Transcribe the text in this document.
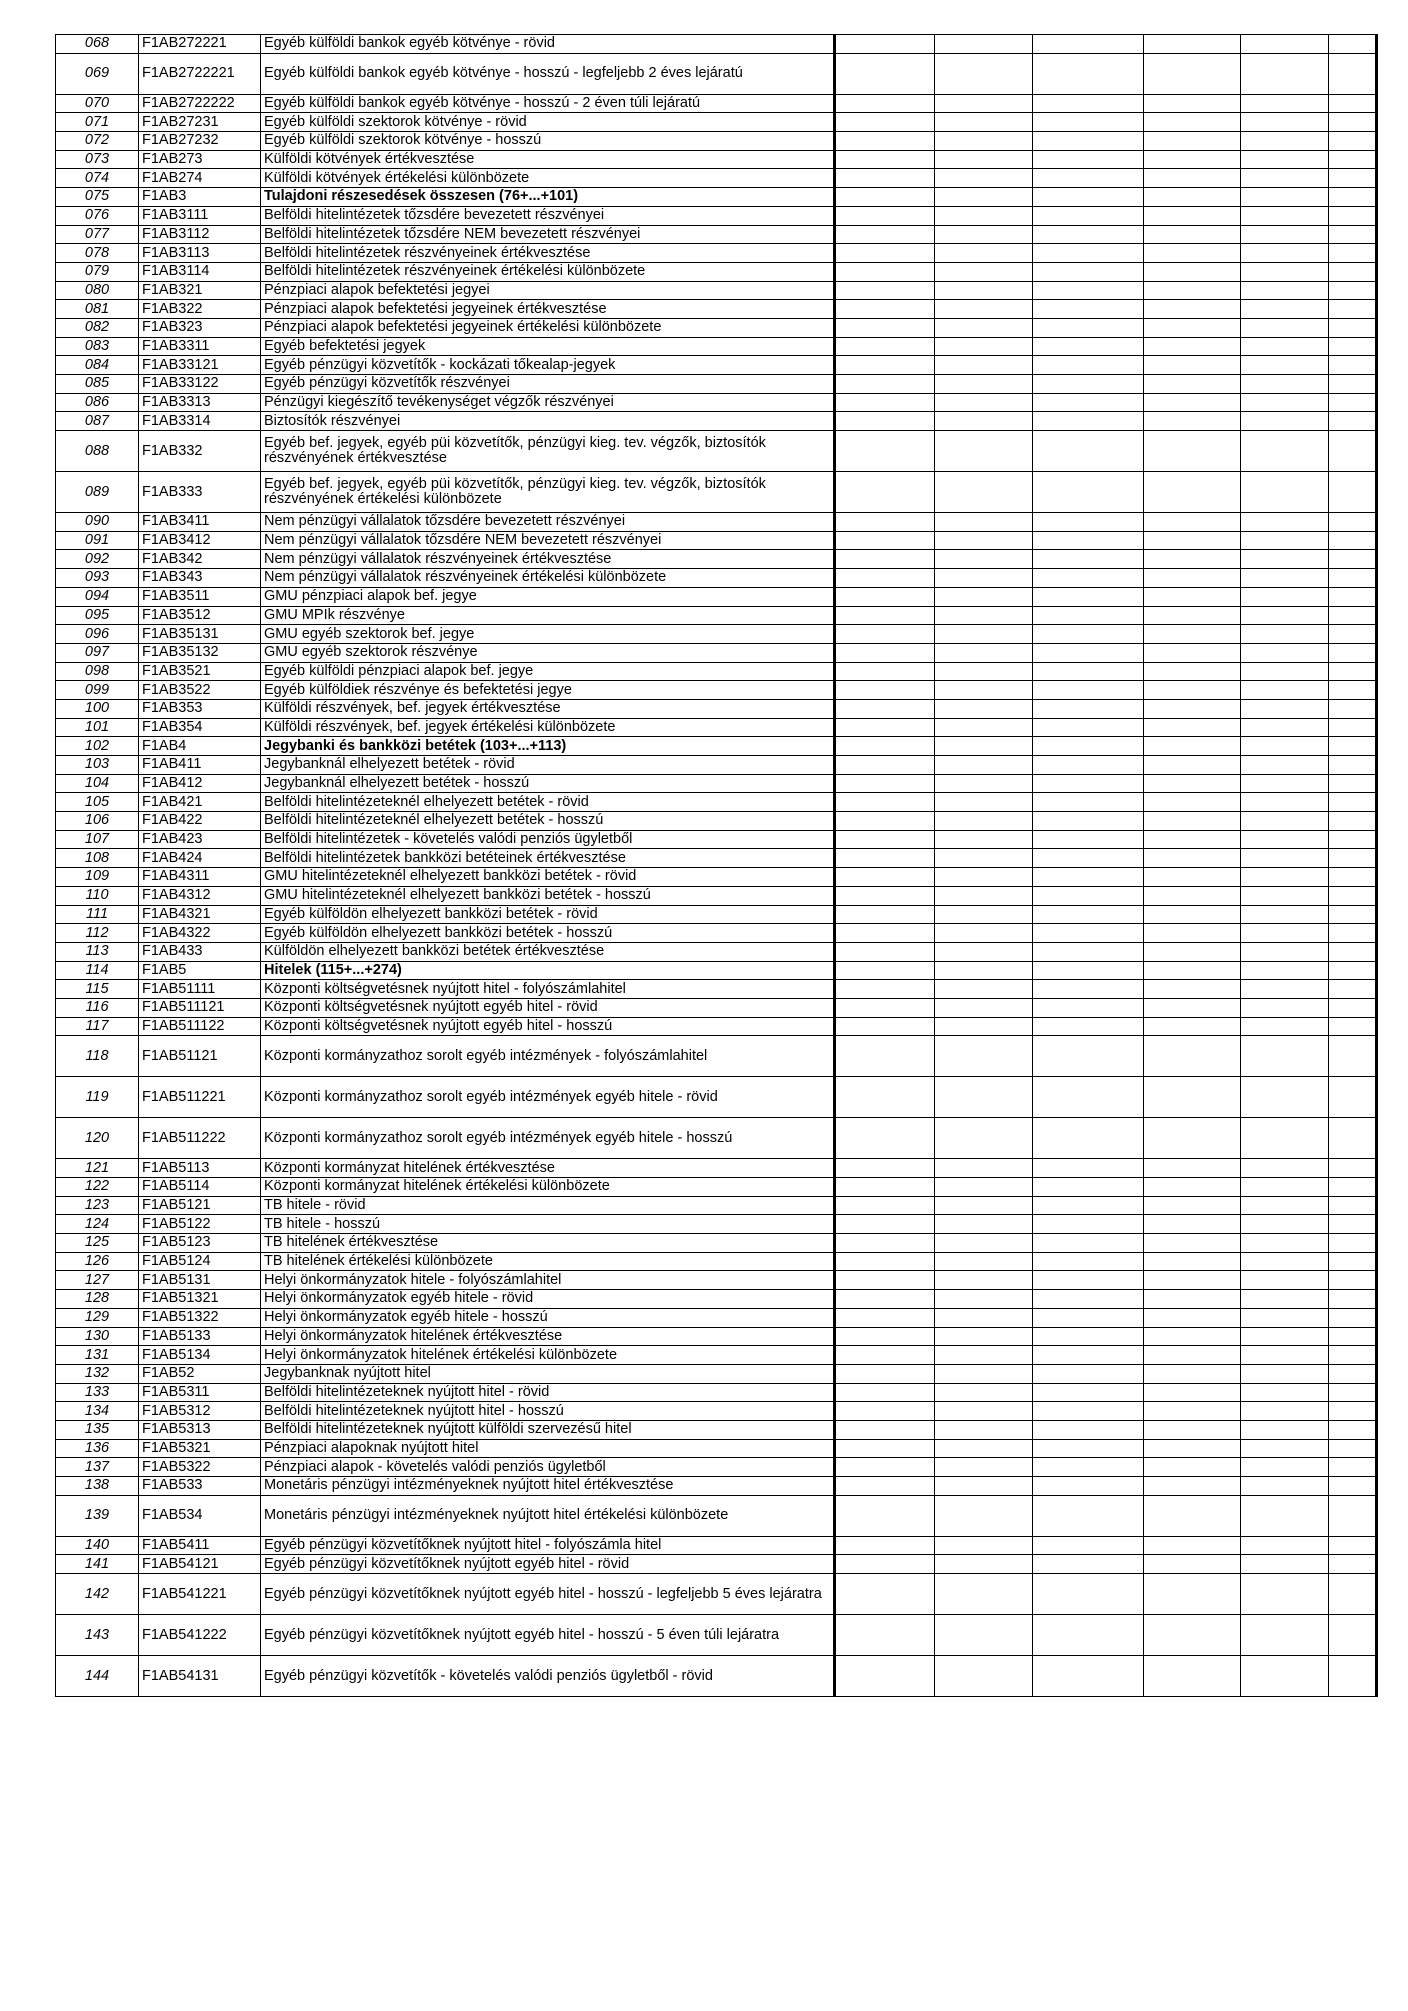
068	F1AB272221	Egyéb külföldi bankok egyéb kötvénye - rövid						
069	F1AB2722221	Egyéb külföldi bankok egyéb kötvénye - hosszú - legfeljebb 2 éves lejáratú						
070	F1AB2722222	Egyéb külföldi bankok egyéb kötvénye - hosszú - 2 éven túli lejáratú						
071	F1AB27231	Egyéb külföldi szektorok kötvénye - rövid						
072	F1AB27232	Egyéb külföldi szektorok kötvénye - hosszú						
073	F1AB273	Külföldi kötvények értékvesztése						
074	F1AB274	Külföldi kötvények értékelési különbözete						
075	F1AB3	Tulajdoni részesedések összesen (76+...+101)						
076	F1AB3111	Belföldi hitelintézetek tőzsdére bevezetett részvényei						
077	F1AB3112	Belföldi hitelintézetek tőzsdére NEM bevezetett részvényei						
078	F1AB3113	Belföldi hitelintézetek részvényeinek értékvesztése						
079	F1AB3114	Belföldi hitelintézetek részvényeinek értékelési különbözete						
080	F1AB321	Pénzpiaci alapok befektetési jegyei						
081	F1AB322	Pénzpiaci alapok befektetési jegyeinek értékvesztése						
082	F1AB323	Pénzpiaci alapok befektetési jegyeinek értékelési különbözete						
083	F1AB3311	Egyéb befektetési jegyek						
084	F1AB33121	Egyéb pénzügyi közvetítők - kockázati tőkealap-jegyek						
085	F1AB33122	Egyéb pénzügyi közvetítők részvényei						
086	F1AB3313	Pénzügyi kiegészítő tevékenységet végzők részvényei						
087	F1AB3314	Biztosítók részvényei						
088	F1AB332	Egyéb bef. jegyek, egyéb püi közvetítők, pénzügyi kieg. tev. végzők, biztosítók részvényének értékvesztése						
089	F1AB333	Egyéb bef. jegyek, egyéb püi közvetítők, pénzügyi kieg. tev. végzők, biztosítók részvényének értékelési különbözete						
090	F1AB3411	Nem pénzügyi vállalatok tőzsdére bevezetett részvényei						
091	F1AB3412	Nem pénzügyi vállalatok tőzsdére NEM bevezetett részvényei						
092	F1AB342	Nem pénzügyi vállalatok részvényeinek értékvesztése						
093	F1AB343	Nem pénzügyi vállalatok részvényeinek értékelési különbözete						
094	F1AB3511	GMU pénzpiaci alapok bef. jegye						
095	F1AB3512	GMU MPIk részvénye						
096	F1AB35131	GMU egyéb szektorok bef. jegye						
097	F1AB35132	GMU egyéb szektorok részvénye						
098	F1AB3521	Egyéb külföldi pénzpiaci alapok bef. jegye						
099	F1AB3522	Egyéb külföldiek részvénye és befektetési jegye						
100	F1AB353	Külföldi részvények, bef. jegyek értékvesztése						
101	F1AB354	Külföldi részvények, bef. jegyek értékelési különbözete						
102	F1AB4	Jegybanki és bankközi betétek (103+...+113)						
103	F1AB411	Jegybanknál elhelyezett betétek - rövid						
104	F1AB412	Jegybanknál elhelyezett betétek - hosszú						
105	F1AB421	Belföldi hitelintézeteknél elhelyezett betétek - rövid						
106	F1AB422	Belföldi hitelintézeteknél elhelyezett betétek - hosszú						
107	F1AB423	Belföldi hitelintézetek - követelés valódi penziós ügyletből						
108	F1AB424	Belföldi hitelintézetek bankközi betéteinek értékvesztése						
109	F1AB4311	GMU hitelintézeteknél elhelyezett bankközi betétek - rövid						
110	F1AB4312	GMU hitelintézeteknél elhelyezett bankközi betétek - hosszú						
111	F1AB4321	Egyéb külföldön elhelyezett bankközi betétek - rövid						
112	F1AB4322	Egyéb külföldön elhelyezett bankközi betétek - hosszú						
113	F1AB433	Külföldön elhelyezett bankközi betétek értékvesztése						
114	F1AB5	Hitelek (115+...+274)						
115	F1AB51111	Központi költségvetésnek nyújtott hitel - folyószámlahitel						
116	F1AB511121	Központi költségvetésnek nyújtott egyéb hitel - rövid						
117	F1AB511122	Központi költségvetésnek nyújtott egyéb hitel - hosszú						
118	F1AB51121	Központi kormányzathoz sorolt egyéb intézmények - folyószámlahitel						
119	F1AB511221	Központi kormányzathoz sorolt egyéb intézmények egyéb hitele - rövid						
120	F1AB511222	Központi kormányzathoz sorolt egyéb intézmények egyéb hitele - hosszú						
121	F1AB5113	Központi kormányzat hitelének értékvesztése						
122	F1AB5114	Központi kormányzat hitelének értékelési különbözete						
123	F1AB5121	TB hitele - rövid						
124	F1AB5122	TB hitele - hosszú						
125	F1AB5123	TB hitelének értékvesztése						
126	F1AB5124	TB hitelének értékelési különbözete						
127	F1AB5131	Helyi önkormányzatok hitele - folyószámlahitel						
128	F1AB51321	Helyi önkormányzatok egyéb hitele - rövid						
129	F1AB51322	Helyi önkormányzatok egyéb hitele - hosszú						
130	F1AB5133	Helyi önkormányzatok hitelének értékvesztése						
131	F1AB5134	Helyi önkormányzatok hitelének értékelési különbözete						
132	F1AB52	Jegybanknak nyújtott hitel						
133	F1AB5311	Belföldi hitelintézeteknek nyújtott hitel - rövid						
134	F1AB5312	Belföldi hitelintézeteknek nyújtott hitel - hosszú						
135	F1AB5313	Belföldi hitelintézeteknek nyújtott külföldi szervezésű hitel						
136	F1AB5321	Pénzpiaci alapoknak nyújtott hitel						
137	F1AB5322	Pénzpiaci alapok - követelés valódi penziós ügyletből						
138	F1AB533	Monetáris pénzügyi intézményeknek nyújtott hitel értékvesztése						
139	F1AB534	Monetáris pénzügyi intézményeknek nyújtott hitel értékelési különbözete						
140	F1AB5411	Egyéb pénzügyi közvetítőknek nyújtott hitel - folyószámla hitel						
141	F1AB54121	Egyéb pénzügyi közvetítőknek nyújtott egyéb hitel - rövid						
142	F1AB541221	Egyéb pénzügyi közvetítőknek nyújtott egyéb hitel - hosszú - legfeljebb 5 éves lejáratra						
143	F1AB541222	Egyéb pénzügyi közvetítőknek nyújtott egyéb hitel - hosszú - 5 éven túli lejáratra						
144	F1AB54131	Egyéb pénzügyi közvetítők - követelés valódi penziós ügyletből - rövid						
